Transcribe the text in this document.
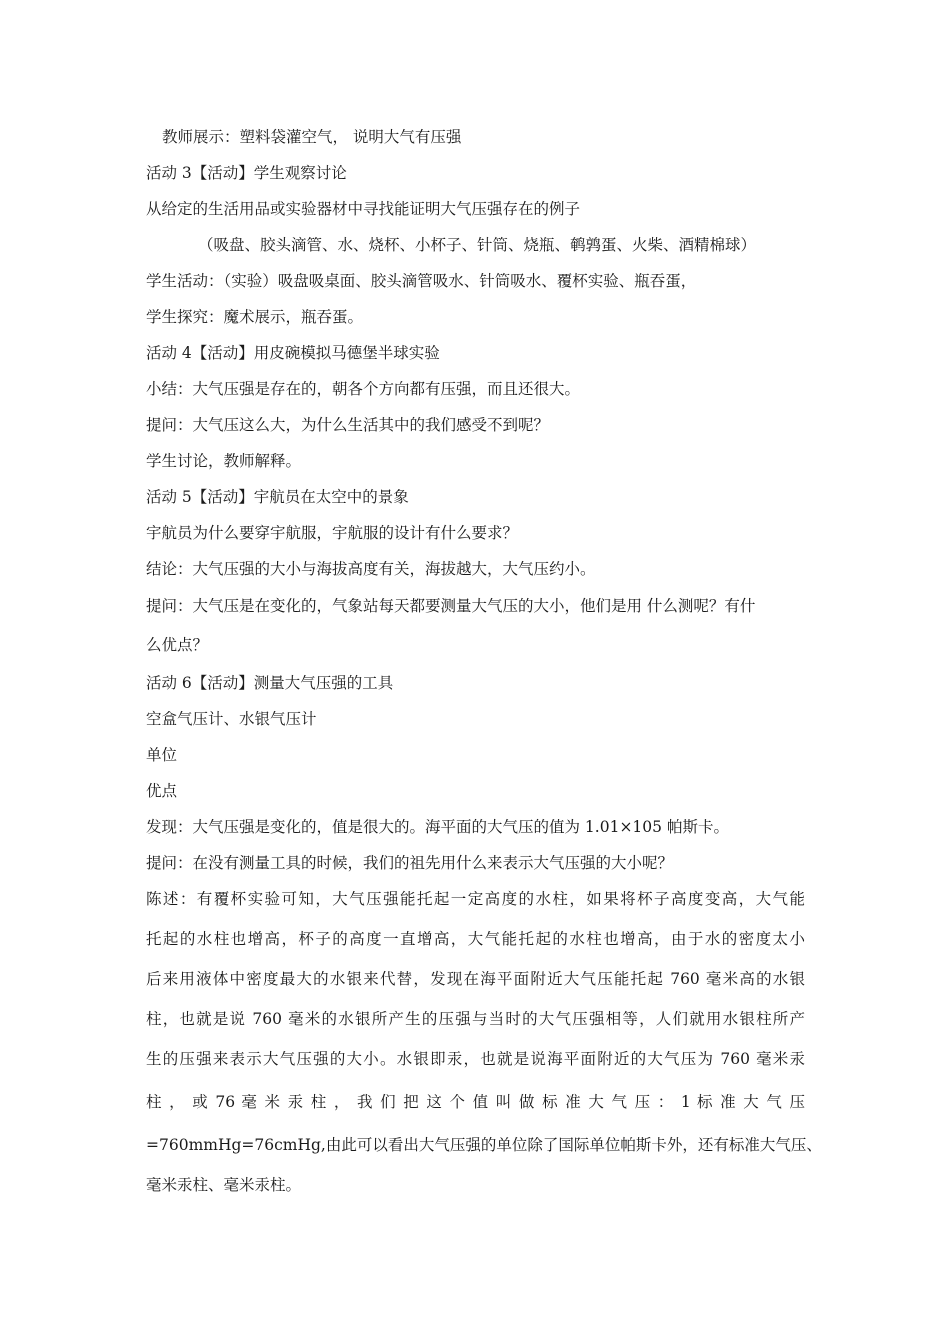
教师展示：塑料袋灌空气， 说明大气有压强
活动 3【活动】学生观察讨论
从给定的生活用品或实验器材中寻找能证明大气压强存在的例子
（吸盘、胶头滴管、水、烧杯、小杯子、针筒、烧瓶、鹌鹑蛋、火柴、酒精棉球）
学生活动：（实验）吸盘吸桌面、胶头滴管吸水、针筒吸水、覆杯实验、瓶吞蛋，
学生探究：魔术展示，瓶吞蛋。
活动 4【活动】用皮碗模拟马德堡半球实验
小结：大气压强是存在的，朝各个方向都有压强，而且还很大。
提问：大气压这么大，为什么生活其中的我们感受不到呢？
学生讨论，教师解释。
活动 5【活动】宇航员在太空中的景象
宇航员为什么要穿宇航服，宇航服的设计有什么要求？
结论：大气压强的大小与海拔高度有关，海拔越大，大气压约小。
提问：大气压是在变化的，气象站每天都要测量大气压的大小，他们是用 什么测呢？有什
么优点？
活动 6【活动】测量大气压强的工具
空盒气压计、水银气压计
单位
优点
发现：大气压强是变化的，值是很大的。海平面的大气压的值为 1.01×105 帕斯卡。
提问：在没有测量工具的时候，我们的祖先用什么来表示大气压强的大小呢？
陈述：有覆杯实验可知，大气压强能托起一定高度的水柱，如果将杯子高度变高，大气能
托起的水柱也增高，杯子的高度一直增高，大气能托起的水柱也增高，由于水的密度太小
后来用液体中密度最大的水银来代替，发现在海平面附近大气压能托起 760 毫米高的水银
柱，也就是说 760 毫米的水银所产生的压强与当时的大气压强相等，人们就用水银柱所产
生的压强来表示大气压强的大小。水银即汞，也就是说海平面附近的大气压为 760 毫米汞
柱 ， 或 76 毫 米 汞 柱 ， 我 们 把 这 个 值 叫 做 标 准 大 气 压 ： 1 标 准 大 气 压
=760mmHg=76cmHg,由此可以看出大气压强的单位除了国际单位帕斯卡外，还有标准大气压、
毫米汞柱、毫米汞柱。
